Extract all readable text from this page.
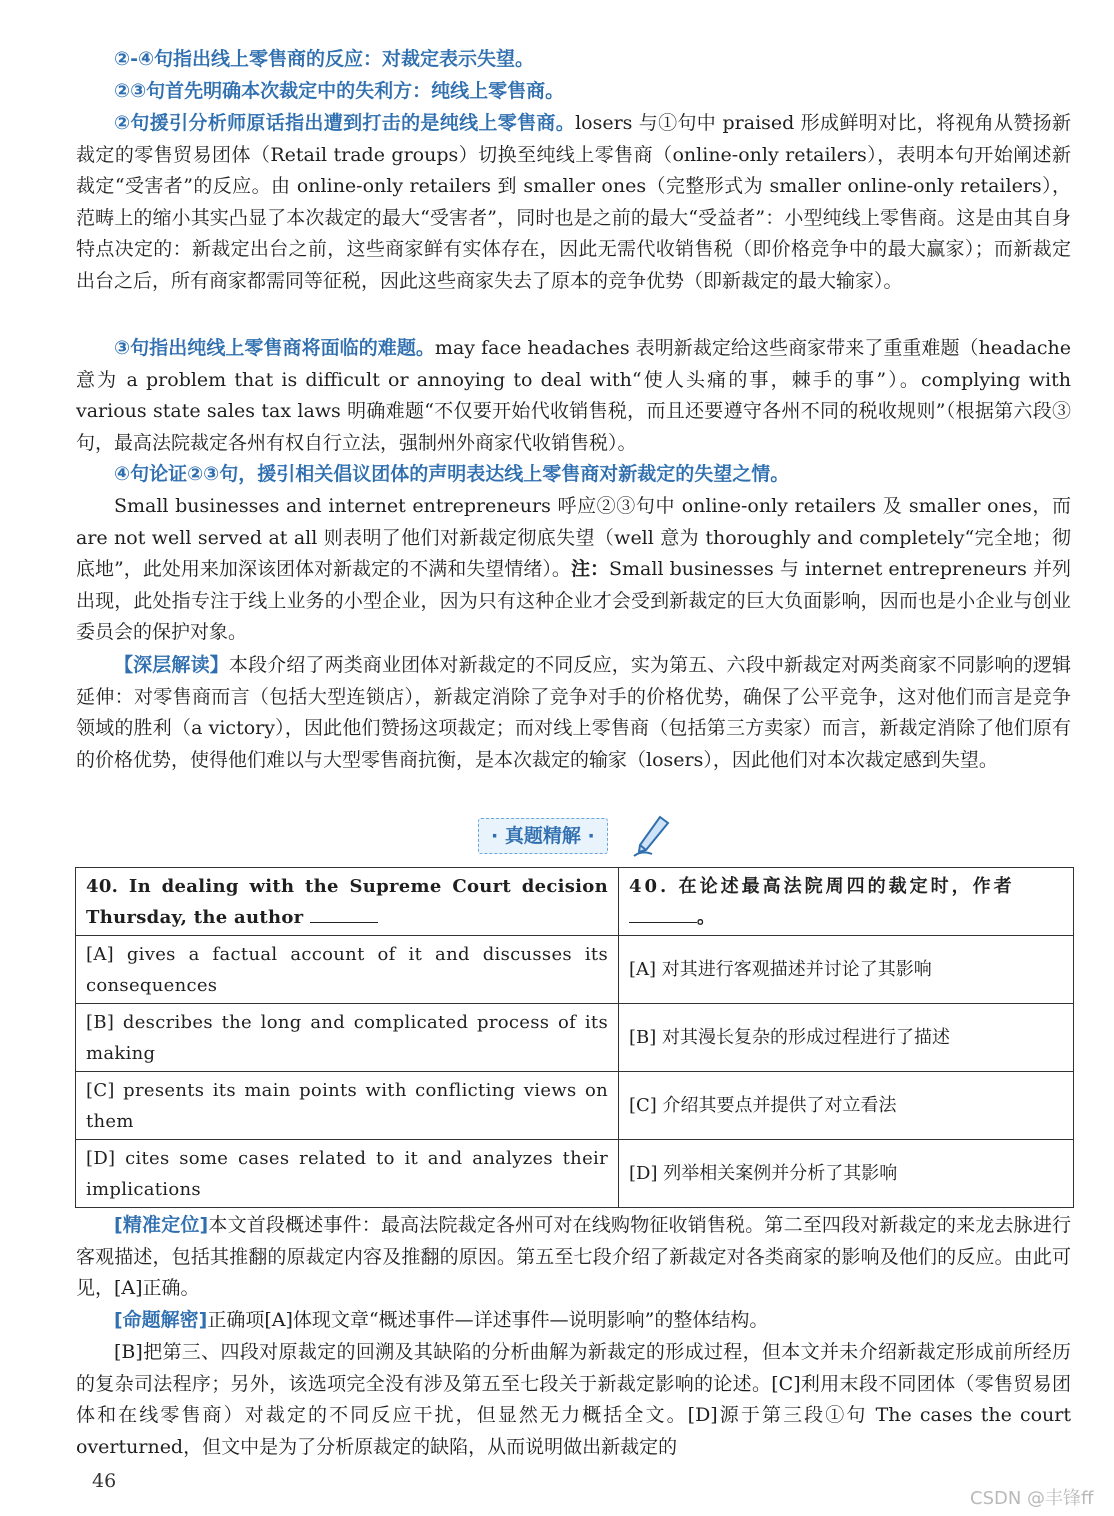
②-④句指出线上零售商的反应：对裁定表示失望。

②③句首先明确本次裁定中的失利方：纯线上零售商。

②句援引分析师原话指出遭到打击的是纯线上零售商。losers 与①句中 praised 形成鲜明对比，将视角从赞扬新裁定的零售贸易团体（Retail trade groups）切换至纯线上零售商（online-only retailers），表明本句开始阐述新裁定“受害者”的反应。由 online-only retailers 到 smaller ones（完整形式为 smaller online-only retailers），范畴上的缩小其实凸显了本次裁定的最大“受害者”，同时也是之前的最大“受益者”：小型纯线上零售商。这是由其自身特点决定的：新裁定出台之前，这些商家鲜有实体存在，因此无需代收销售税（即价格竞争中的最大赢家）；而新裁定出台之后，所有商家都需同等征税，因此这些商家失去了原本的竞争优势（即新裁定的最大输家）。

③句指出纯线上零售商将面临的难题。may face headaches 表明新裁定给这些商家带来了重重难题（headache 意为 a problem that is difficult or annoying to deal with“使人头痛的事，棘手的事”）。complying with various state sales tax laws 明确难题“不仅要开始代收销售税，而且还要遵守各州不同的税收规则”（根据第六段③句，最高法院裁定各州有权自行立法，强制州外商家代收销售税）。

④句论证②③句，援引相关倡议团体的声明表达线上零售商对新裁定的失望之情。

Small businesses and internet entrepreneurs 呼应②③句中 online-only retailers 及 smaller ones，而 are not well served at all 则表明了他们对新裁定彻底失望（well 意为 thoroughly and completely“完全地；彻底地”，此处用来加深该团体对新裁定的不满和失望情绪）。注：Small businesses 与 internet entrepreneurs 并列出现，此处指专注于线上业务的小型企业，因为只有这种企业才会受到新裁定的巨大负面影响，因而也是小企业与创业委员会的保护对象。

【深层解读】本段介绍了两类商业团体对新裁定的不同反应，实为第五、六段中新裁定对两类商家不同影响的逻辑延伸：对零售商而言（包括大型连锁店），新裁定消除了竞争对手的价格优势，确保了公平竞争，这对他们而言是竞争领域的胜利（a victory），因此他们赞扬这项裁定；而对线上零售商（包括第三方卖家）而言，新裁定消除了他们原有的价格优势，使得他们难以与大型零售商抗衡，是本次裁定的输家（losers），因此他们对本次裁定感到失望。

· 真题精解 ·
40. In dealing with the Supreme Court decision Thursday, the author	40. 在论述最高法院周四的裁定时，作者。
[A] gives a factual account of it and discusses its consequences	[A] 对其进行客观描述并讨论了其影响
[B] describes the long and complicated process of its making	[B] 对其漫长复杂的形成过程进行了描述
[C] presents its main points with conflicting views on them	[C] 介绍其要点并提供了对立看法
[D] cites some cases related to it and analyzes their implications	[D] 列举相关案例并分析了其影响

[精准定位]本文首段概述事件：最高法院裁定各州可对在线购物征收销售税。第二至四段对新裁定的来龙去脉进行客观描述，包括其推翻的原裁定内容及推翻的原因。第五至七段介绍了新裁定对各类商家的影响及他们的反应。由此可见，[A]正确。

[命题解密]正确项[A]体现文章“概述事件—详述事件—说明影响”的整体结构。

[B]把第三、四段对原裁定的回溯及其缺陷的分析曲解为新裁定的形成过程，但本文并未介绍新裁定形成前所经历的复杂司法程序；另外，该选项完全没有涉及第五至七段关于新裁定影响的论述。[C]利用末段不同团体（零售贸易团体和在线零售商）对裁定的不同反应干扰，但显然无力概括全文。[D]源于第三段①句 The cases the court overturned，但文中是为了分析原裁定的缺陷，从而说明做出新裁定的

46
CSDN @丰锋ff
